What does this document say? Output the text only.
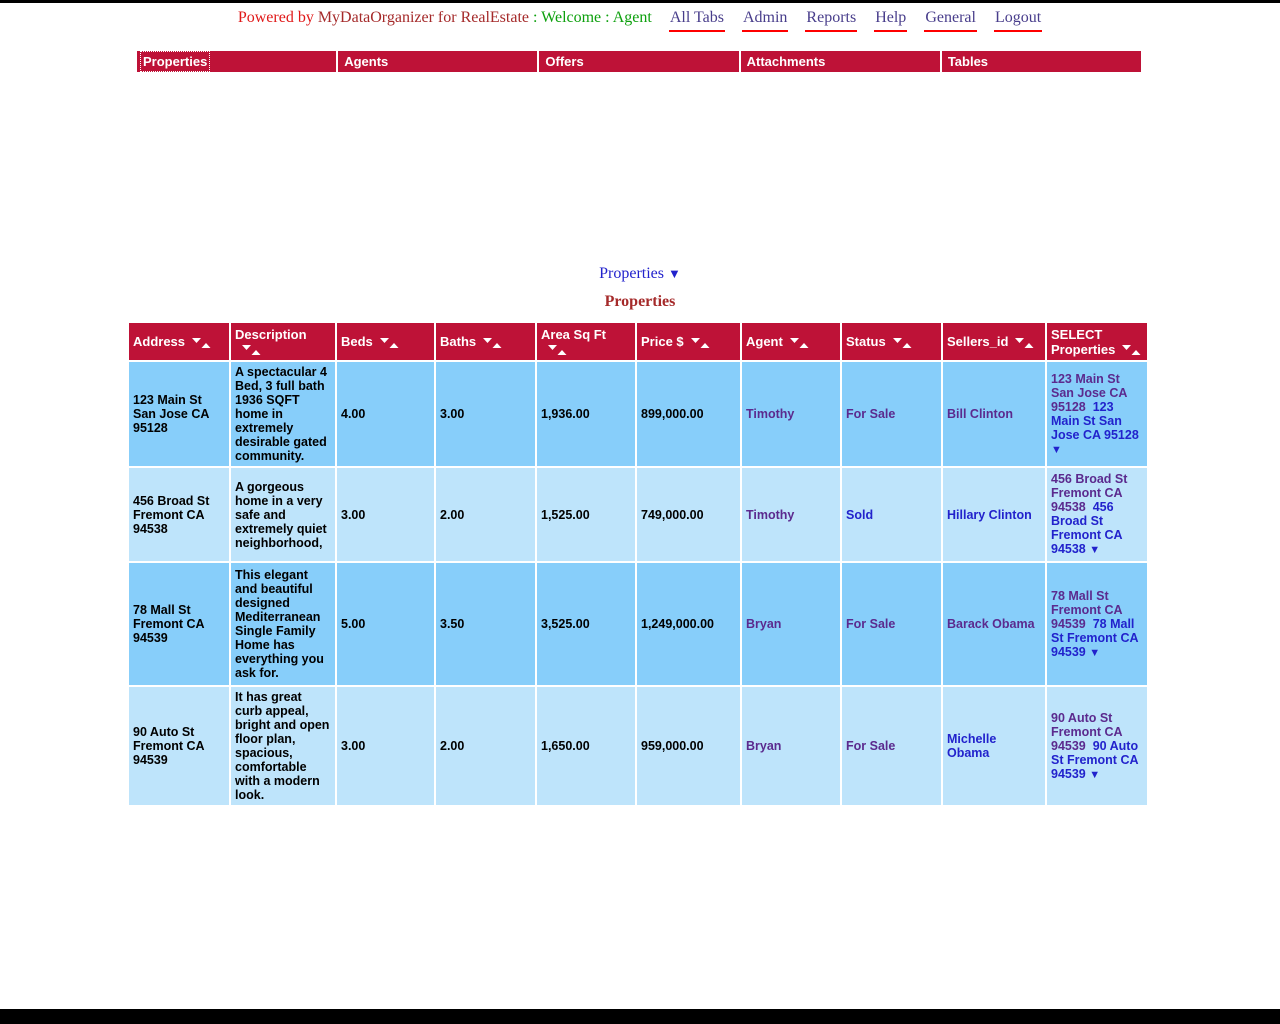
Powered by MyDataOrganizer for RealEstate : Welcome : Agent All Tabs Admin Reports Help General Logout
Properties	Agents	Offers	Attachments	Tables
Properties ▼
Properties
Address	Description	Beds	Baths	Area Sq Ft	Price $	Agent	Status	Sellers_id	SELECT Properties
123 Main St San Jose CA 95128	A spectacular 4 Bed, 3 full bath 1936 SQFT home in extremely desirable gated community.	4.00	3.00	1,936.00	899,000.00	Timothy	For Sale	Bill Clinton	123 Main St San Jose CA 95128 123 Main St San Jose CA 95128 ▼
456 Broad St Fremont CA 94538	A gorgeous home in a very safe and extremely quiet neighborhood,	3.00	2.00	1,525.00	749,000.00	Timothy	Sold	Hillary Clinton	456 Broad St Fremont CA 94538 456 Broad St Fremont CA 94538 ▼
78 Mall St Fremont CA 94539	This elegant and beautiful designed Mediterranean Single Family Home has everything you ask for.	5.00	3.50	3,525.00	1,249,000.00	Bryan	For Sale	Barack Obama	78 Mall St Fremont CA 94539 78 Mall St Fremont CA 94539 ▼
90 Auto St Fremont CA 94539	It has great curb appeal, bright and open floor plan, spacious, comfortable with a modern look.	3.00	2.00	1,650.00	959,000.00	Bryan	For Sale	Michelle Obama	90 Auto St Fremont CA 94539 90 Auto St Fremont CA 94539 ▼
